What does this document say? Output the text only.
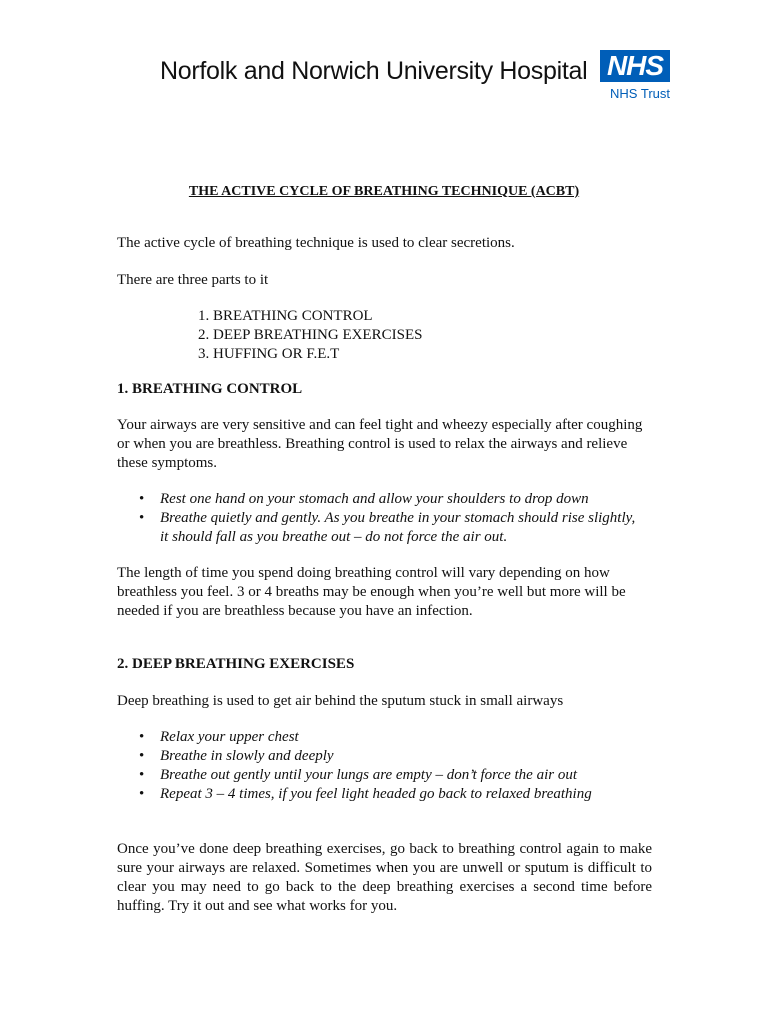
Norfolk and Norwich University Hospital NHS
NHS Trust
THE ACTIVE CYCLE OF BREATHING TECHNIQUE (ACBT)

The active cycle of breathing technique is used to clear secretions.

There are three parts to it

1. BREATHING CONTROL
2. DEEP BREATHING EXERCISES
3. HUFFING OR F.E.T
1. BREATHING CONTROL

Your airways are very sensitive and can feel tight and wheezy especially after coughing or when you are breathless. Breathing control is used to relax the airways and relieve these symptoms.

• Rest one hand on your stomach and allow your shoulders to drop down
• Breathe quietly and gently. As you breathe in your stomach should rise slightly, it should fall as you breathe out – do not force the air out.

The length of time you spend doing breathing control will vary depending on how breathless you feel. 3 or 4 breaths may be enough when you’re well but more will be needed if you are breathless because you have an infection.

2. DEEP BREATHING EXERCISES

Deep breathing is used to get air behind the sputum stuck in small airways

• Relax your upper chest
• Breathe in slowly and deeply
• Breathe out gently until your lungs are empty – don’t force the air out
• Repeat 3 – 4 times, if you feel light headed go back to relaxed breathing

Once you’ve done deep breathing exercises, go back to breathing control again to make sure your airways are relaxed. Sometimes when you are unwell or sputum is difficult to clear you may need to go back to the deep breathing exercises a second time before huffing. Try it out and see what works for you.
